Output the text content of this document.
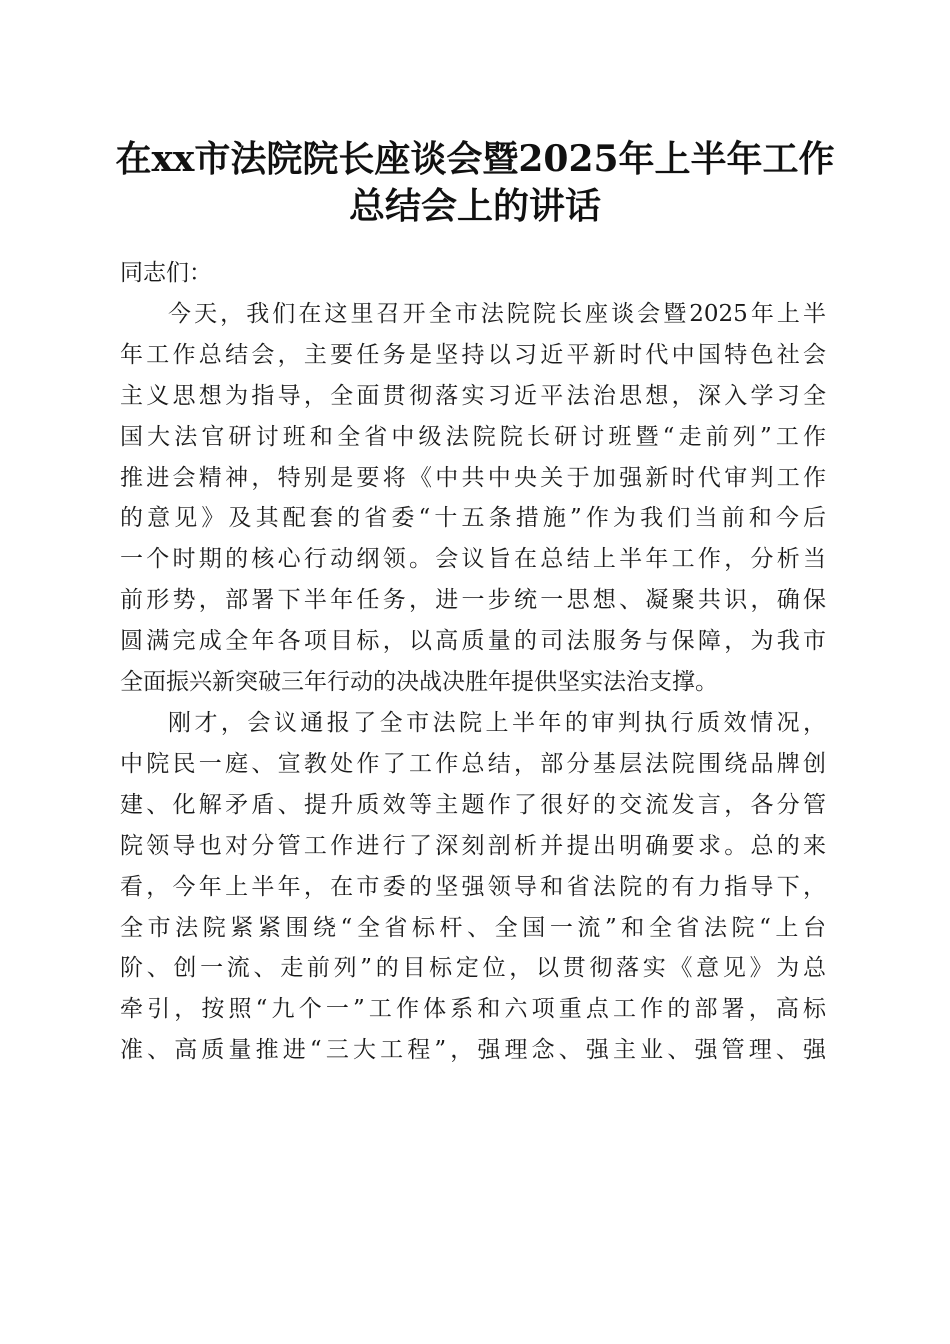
在xx市法院院长座谈会暨2025年上半年工作
总结会上的讲话

同志们：

今天，我们在这里召开全市法院院长座谈会暨2025年上半
年工作总结会，主要任务是坚持以习近平新时代中国特色社会
主义思想为指导，全面贯彻落实习近平法治思想，深入学习全
国大法官研讨班和全省中级法院院长研讨班暨“走前列”工作
推进会精神，特别是要将《中共中央关于加强新时代审判工作
的意见》及其配套的省委“十五条措施”作为我们当前和今后
一个时期的核心行动纲领。会议旨在总结上半年工作，分析当
前形势，部署下半年任务，进一步统一思想、凝聚共识，确保
圆满完成全年各项目标，以高质量的司法服务与保障，为我市
全面振兴新突破三年行动的决战决胜年提供坚实法治支撑。

刚才，会议通报了全市法院上半年的审判执行质效情况，
中院民一庭、宣教处作了工作总结，部分基层法院围绕品牌创
建、化解矛盾、提升质效等主题作了很好的交流发言，各分管
院领导也对分管工作进行了深刻剖析并提出明确要求。总的来
看，今年上半年，在市委的坚强领导和省法院的有力指导下，
全市法院紧紧围绕“全省标杆、全国一流”和全省法院“上台
阶、创一流、走前列”的目标定位，以贯彻落实《意见》为总
牵引，按照“九个一”工作体系和六项重点工作的部署，高标
准、高质量推进“三大工程”，强理念、强主业、强管理、强
